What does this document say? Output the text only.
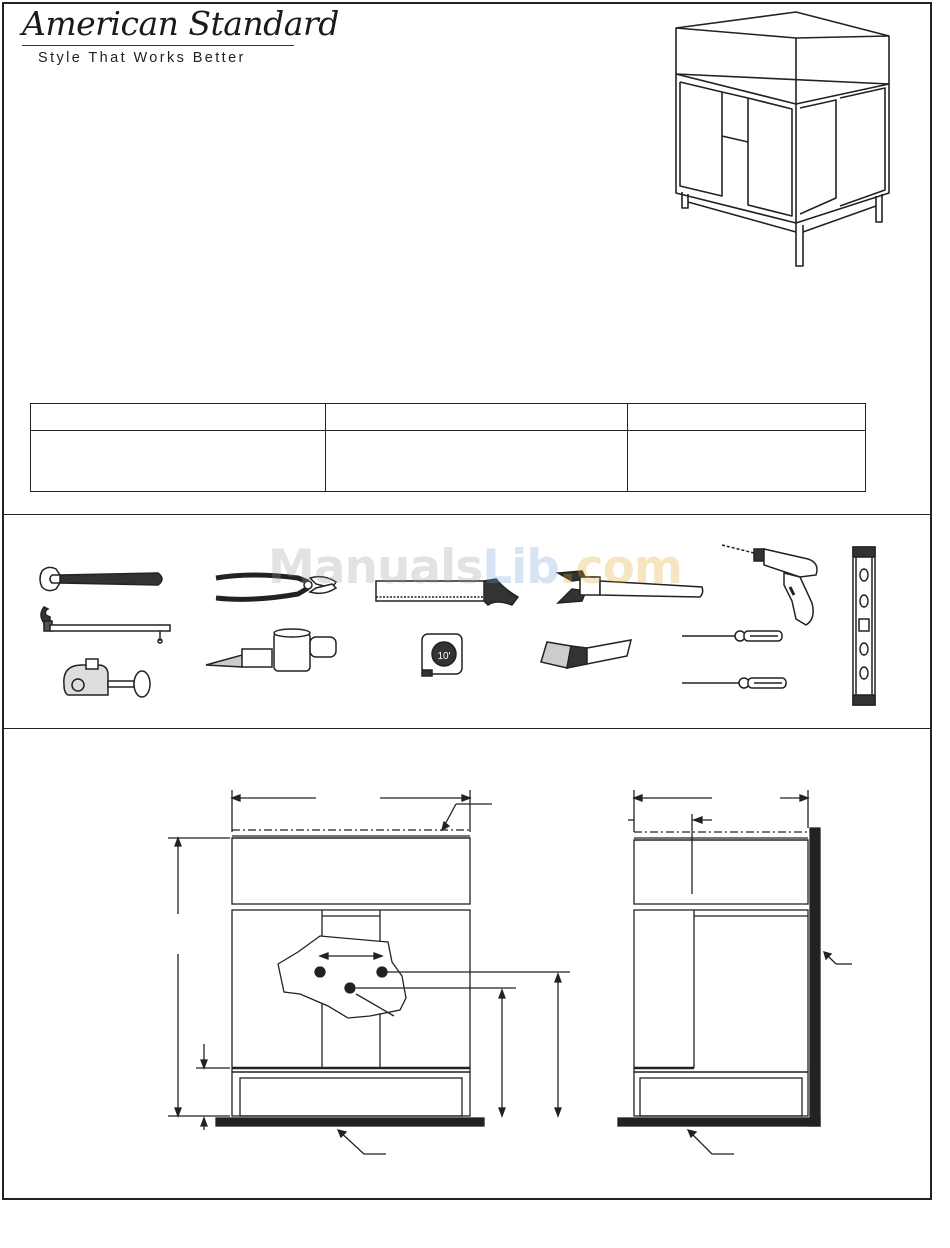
American Standard
Style That Works Better

10'
ManualsLib.com
